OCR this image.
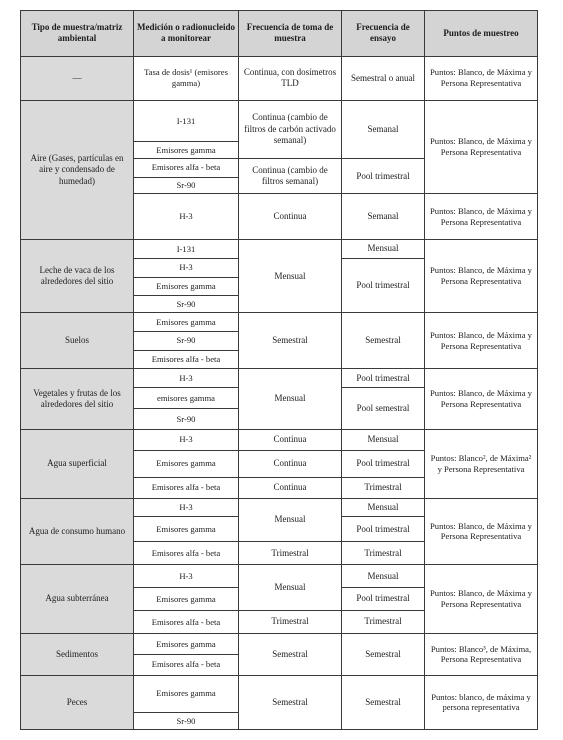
Tipo de muestra/matriz ambiental	Medición o radionucleido a monitorear	Frecuencia de toma de muestra	Frecuencia de ensayo	Puntos de muestreo
—	Tasa de dosis¹ (emisores gamma)	Continua, con dosímetros TLD	Semestral o anual	Puntos: Blanco, de Máxima y Persona Representativa
Aire (Gases, partículas en aire y condensado de humedad)	I-131	Continua (cambio de filtros de carbón activado semanal)	Semanal	Puntos: Blanco, de Máxima y Persona Representativa
	Emisores gamma			
	Emisores alfa - beta	Continua (cambio de filtros semanal)	Pool trimestral	
	Sr-90			
	H-3	Continua	Semanal	Puntos: Blanco, de Máxima y Persona Representativa
Leche de vaca de los alrededores del sitio	I-131	Mensual	Mensual	Puntos: Blanco, de Máxima y Persona Representativa
	H-3		Pool trimestral	
	Emisores gamma			
	Sr-90			
Suelos	Emisores gamma	Semestral	Semestral	Puntos: Blanco, de Máxima y Persona Representativa
	Sr-90			
	Emisores alfa - beta			
Vegetales y frutas de los alrededores del sitio	H-3	Mensual	Pool trimestral	Puntos: Blanco, de Máxima y Persona Representativa
	emisores gamma		Pool semestral	
	Sr-90			
Agua superficial	H-3	Continua	Mensual	Puntos: Blanco², de Máxima² y Persona Representativa
	Emisores gamma	Continua	Pool trimestral	
	Emisores alfa - beta	Continua	Trimestral	
Agua de consumo humano	H-3	Mensual	Mensual	Puntos: Blanco, de Máxima y Persona Representativa
	Emisores gamma		Pool trimestral	
	Emisores alfa - beta	Trimestral	Trimestral	
Agua subterránea	H-3	Mensual	Mensual	Puntos: Blanco, de Máxima y Persona Representativa
	Emisores gamma		Pool trimestral	
	Emisores alfa - beta	Trimestral	Trimestral	
Sedimentos	Emisores gamma	Semestral	Semestral	Puntos: Blanco³, de Máxima, Persona Representativa
	Emisores alfa - beta			
Peces	Emisores gamma	Semestral	Semestral	Puntos: blanco, de máxima y persona representativa
	Sr-90			
